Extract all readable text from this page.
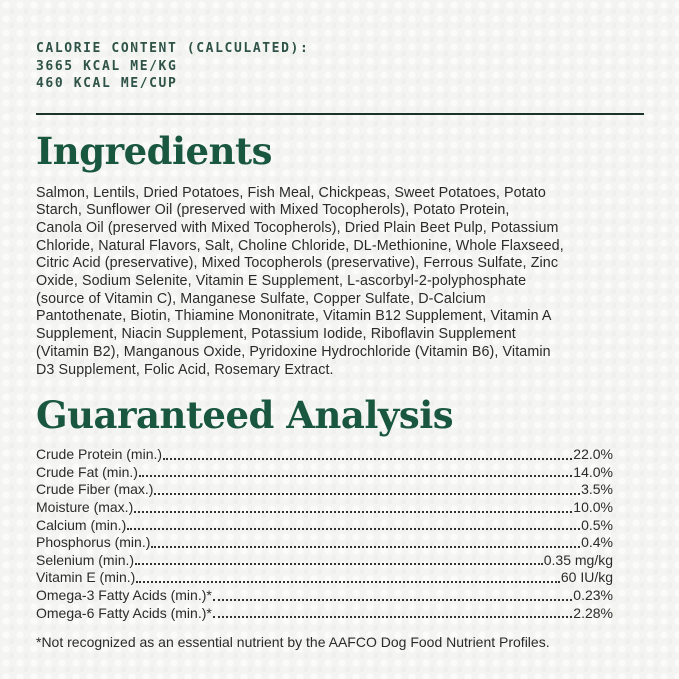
CALORIE CONTENT (CALCULATED):
3665 KCAL ME/KG
460 KCAL ME/CUP
Ingredients
Salmon, Lentils, Dried Potatoes, Fish Meal, Chickpeas, Sweet Potatoes, Potato
Starch, Sunflower Oil (preserved with Mixed Tocopherols), Potato Protein,
Canola Oil (preserved with Mixed Tocopherols), Dried Plain Beet Pulp, Potassium
Chloride, Natural Flavors, Salt, Choline Chloride, DL-Methionine, Whole Flaxseed,
Citric Acid (preservative), Mixed Tocopherols (preservative), Ferrous Sulfate, Zinc
Oxide, Sodium Selenite, Vitamin E Supplement, L-ascorbyl-2-polyphosphate
(source of Vitamin C), Manganese Sulfate, Copper Sulfate, D-Calcium
Pantothenate, Biotin, Thiamine Mononitrate, Vitamin B12 Supplement, Vitamin A
Supplement, Niacin Supplement, Potassium Iodide, Riboflavin Supplement
(Vitamin B2), Manganous Oxide, Pyridoxine Hydrochloride (Vitamin B6), Vitamin
D3 Supplement, Folic Acid, Rosemary Extract.
Guaranteed Analysis
Crude Protein (min.)	22.0%
Crude Fat (min.)	14.0%
Crude Fiber (max.)	3.5%
Moisture (max.)	10.0%
Calcium (min.)	0.5%
Phosphorus (min.)	0.4%
Selenium (min.)	0.35 mg/kg
Vitamin E (min.)	60 IU/kg
Omega-3 Fatty Acids (min.)*	0.23%
Omega-6 Fatty Acids (min.)*	2.28%
*Not recognized as an essential nutrient by the AAFCO Dog Food Nutrient Profiles.
